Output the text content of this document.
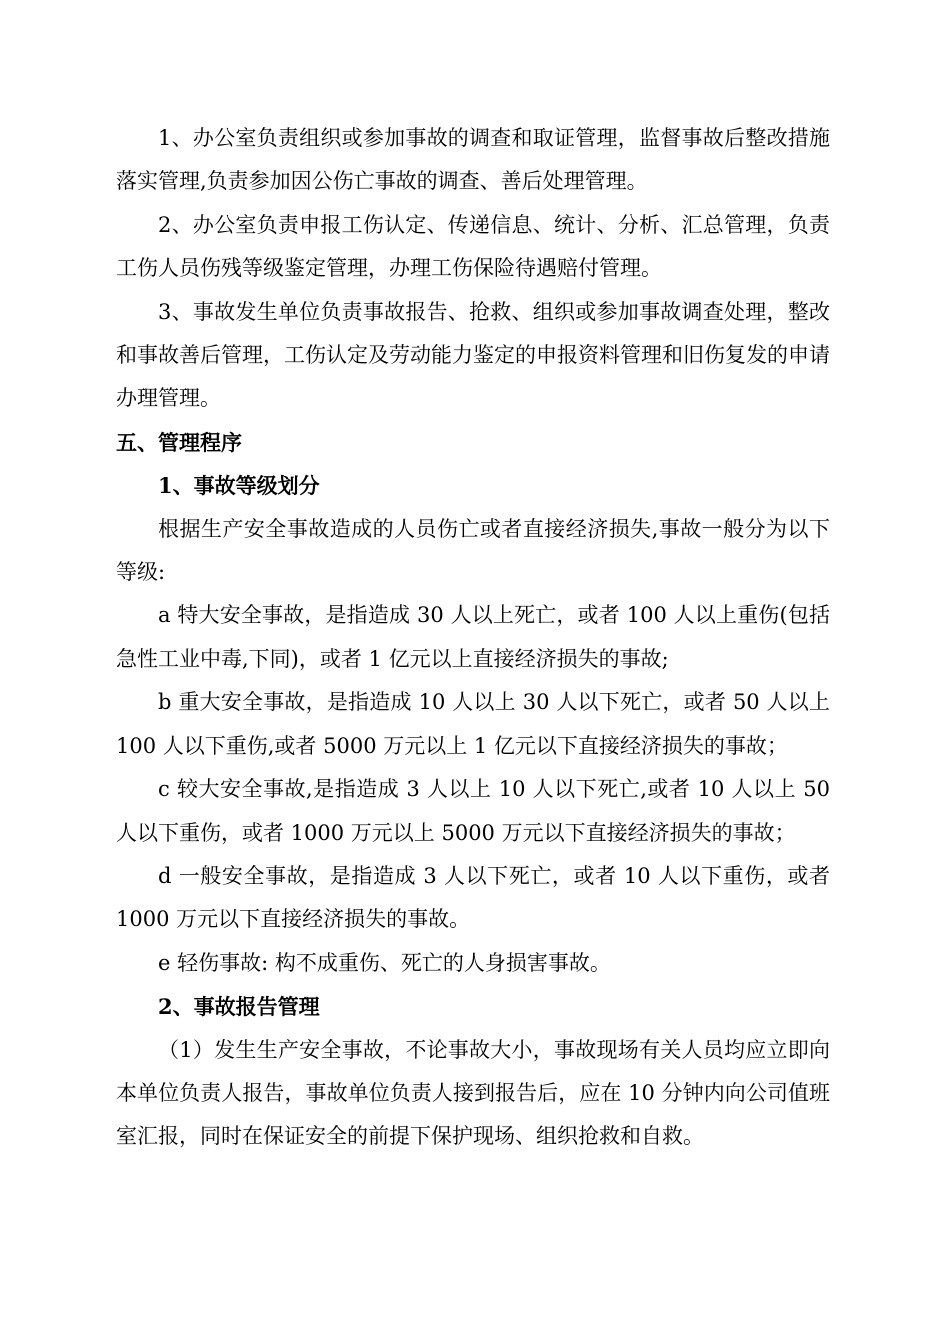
1、办公室负责组织或参加事故的调查和取证管理，监督事故后整改措施落实管理,负责参加因公伤亡事故的调查、善后处理管理。

2、办公室负责申报工伤认定、传递信息、统计、分析、汇总管理，负责工伤人员伤残等级鉴定管理，办理工伤保险待遇赔付管理。

3、事故发生单位负责事故报告、抢救、组织或参加事故调查处理，整改和事故善后管理，工伤认定及劳动能力鉴定的申报资料管理和旧伤复发的申请办理管理。

五、管理程序

1、事故等级划分

根据生产安全事故造成的人员伤亡或者直接经济损失,事故一般分为以下等级:

a 特大安全事故，是指造成 30 人以上死亡，或者 100 人以上重伤(包括急性工业中毒,下同)，或者 1 亿元以上直接经济损失的事故;

b 重大安全事故，是指造成 10 人以上 30 人以下死亡，或者 50 人以上 100 人以下重伤,或者 5000 万元以上 1 亿元以下直接经济损失的事故；

c 较大安全事故,是指造成 3 人以上 10 人以下死亡,或者 10 人以上 50 人以下重伤，或者 1000 万元以上 5000 万元以下直接经济损失的事故；

d 一般安全事故，是指造成 3 人以下死亡，或者 10 人以下重伤，或者 1000 万元以下直接经济损失的事故。

e 轻伤事故: 构不成重伤、死亡的人身损害事故。

2、事故报告管理

（1）发生生产安全事故，不论事故大小，事故现场有关人员均应立即向本单位负责人报告，事故单位负责人接到报告后，应在 10 分钟内向公司值班室汇报，同时在保证安全的前提下保护现场、组织抢救和自救。
